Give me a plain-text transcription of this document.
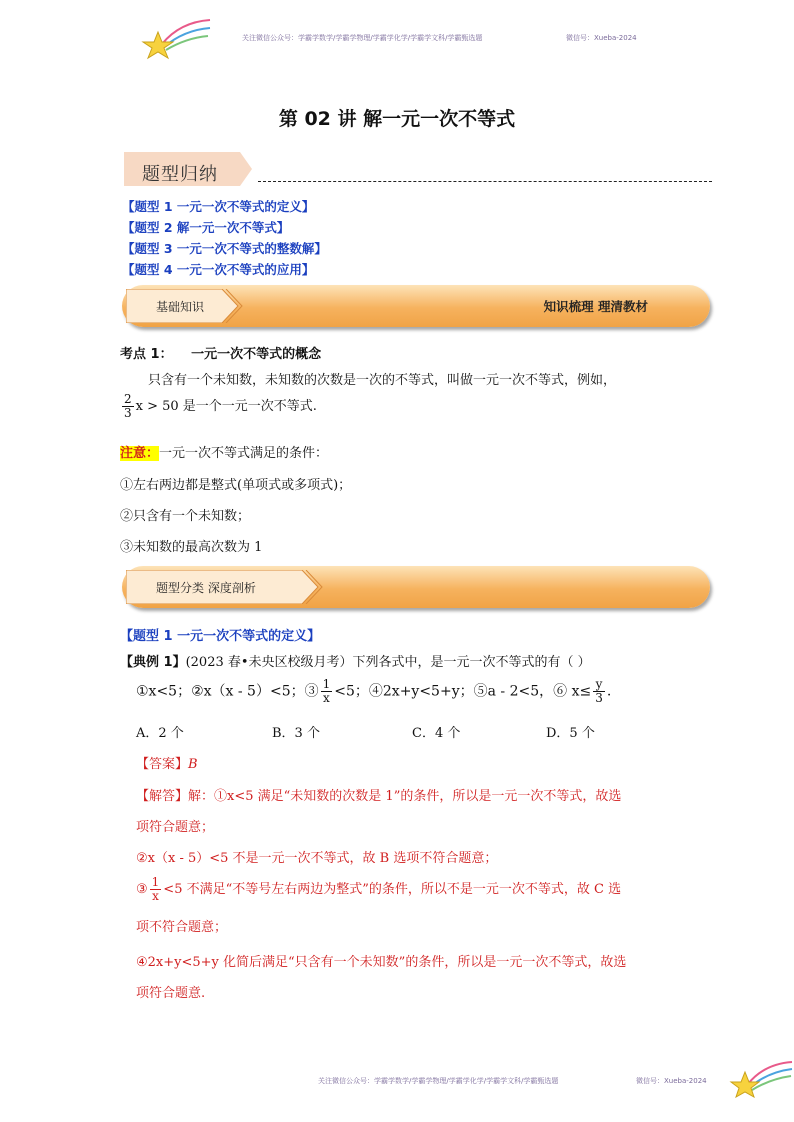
关注微信公众号：学霸学数学/学霸学物理/学霸学化学/学霸学文科/学霸甄选题	微信号：Xueba-2024
第 02 讲 解一元一次不等式
题型归纳
【题型 1 一元一次不等式的定义】
【题型 2 解一元一次不等式】
【题型 3 一元一次不等式的整数解】
【题型 4 一元一次不等式的应用】
基础知识	知识梳理 理清教材
考点 1： 一元一次不等式的概念
只含有一个未知数，未知数的次数是一次的不等式，叫做一元一次不等式，例如，
$\frac{2}{3}$ x > 50 是一个一元一次不等式.
注意：一元一次不等式满足的条件：
①左右两边都是整式(单项式或多项式)；
②只含有一个未知数；
③未知数的最高次数为 1
题型分类 深度剖析
【题型 1 一元一次不等式的定义】
【典例 1】(2023 春•未央区校级月考）下列各式中，是一元一次不等式的有（ ）
①x<5；②x（x - 5）<5；③ $\frac{1}{x} <5$；④2x+y<5+y；⑤a - 2<5，⑥ $x\le \frac{y}{3}$ .
A．2 个	B．3 个	C．4 个	D．5 个
【答案】B
【解答】解：①x<5 满足“未知数的次数是 1”的条件，所以是一元一次不等式，故选
项符合题意；
②x（x - 5）<5 不是一元一次不等式，故 B 选项不符合题意；
③ $\frac{1}{x} <5$ 不满足“不等号左右两边为整式”的条件，所以不是一元一次不等式，故 C 选
项不符合题意；
④2x+y<5+y 化简后满足“只含有一个未知数”的条件，所以是一元一次不等式，故选
项符合题意.
关注微信公众号：学霸学数学/学霸学物理/学霸学化学/学霸学文科/学霸甄选题	微信号：Xueba-2024
